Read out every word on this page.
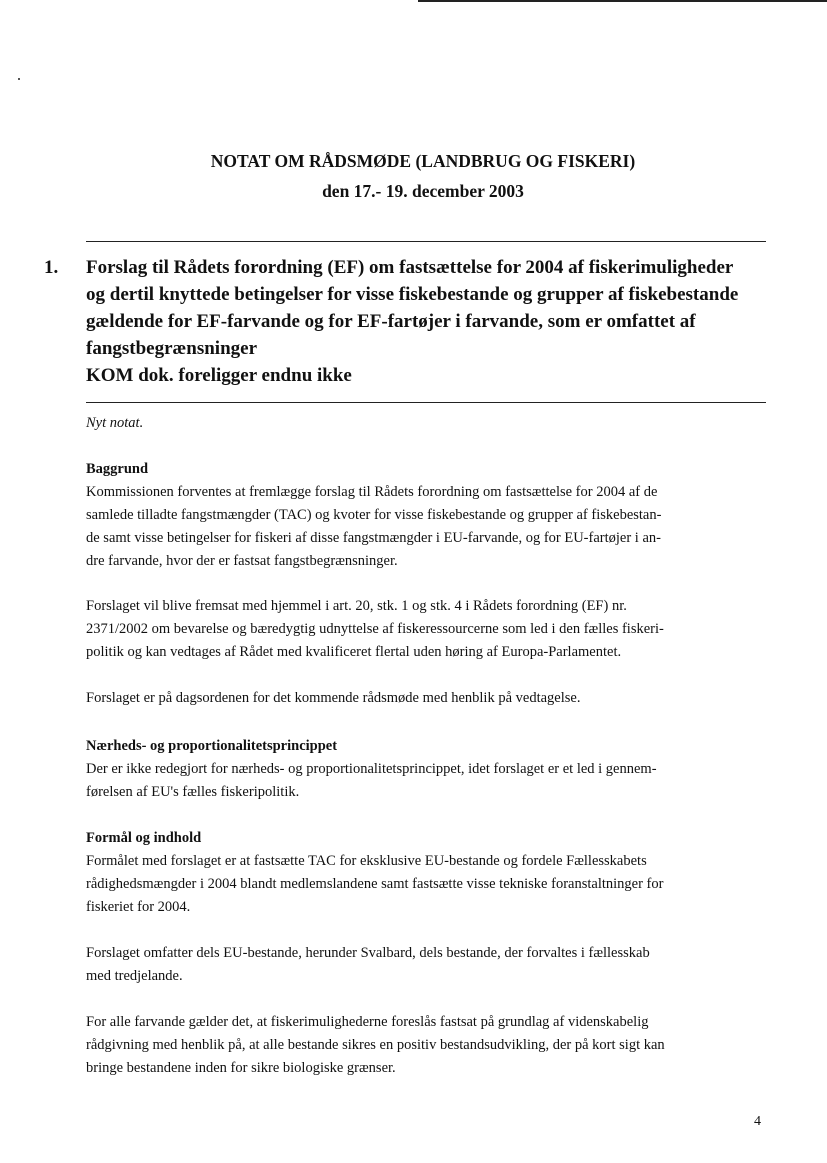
NOTAT OM RÅDSMØDE (LANDBRUG OG FISKERI)
den 17.- 19. december 2003
1. Forslag til Rådets forordning (EF) om fastsættelse for 2004 af fiskerimuligheder
og dertil knyttede betingelser for visse fiskebestande og grupper af fiskebestande
gældende for EF-farvande og for EF-fartøjer i farvande, som er omfattet af
fangstbegrænsninger
KOM dok. foreligger endnu ikke
Nyt notat.
Baggrund
Kommissionen forventes at fremlægge forslag til Rådets forordning om fastsættelse for 2004 af de
samlede tilladte fangstmængder (TAC) og kvoter for visse fiskebestande og grupper af fiskebestan-
de samt visse betingelser for fiskeri af disse fangstmængder i EU-farvande, og for EU-fartøjer i an-
dre farvande, hvor der er fastsat fangstbegrænsninger.
Forslaget vil blive fremsat med hjemmel i art. 20, stk. 1 og stk. 4 i Rådets forordning (EF) nr.
2371/2002 om bevarelse og bæredygtig udnyttelse af fiskeressourcerne som led i den fælles fiskeri-
politik og kan vedtages af Rådet med kvalificeret flertal uden høring af Europa-Parlamentet.
Forslaget er på dagsordenen for det kommende rådsmøde med henblik på vedtagelse.
Nærheds- og proportionalitetsprincippet
Der er ikke redegjort for nærheds- og proportionalitetsprincippet, idet forslaget er et led i gennem-
førelsen af EU's fælles fiskeripolitik.
Formål og indhold
Formålet med forslaget er at fastsætte TAC for eksklusive EU-bestande og fordele Fællesskabets
rådighedsmængder i 2004 blandt medlemslandene samt fastsætte visse tekniske foranstaltninger for
fiskeriet for 2004.
Forslaget omfatter dels EU-bestande, herunder Svalbard, dels bestande, der forvaltes i fællesskab
med tredjelande.
For alle farvande gælder det, at fiskerimulighederne foreslås fastsat på grundlag af videnskabelig
rådgivning med henblik på, at alle bestande sikres en positiv bestandsudvikling, der på kort sigt kan
bringe bestandene inden for sikre biologiske grænser.
4
